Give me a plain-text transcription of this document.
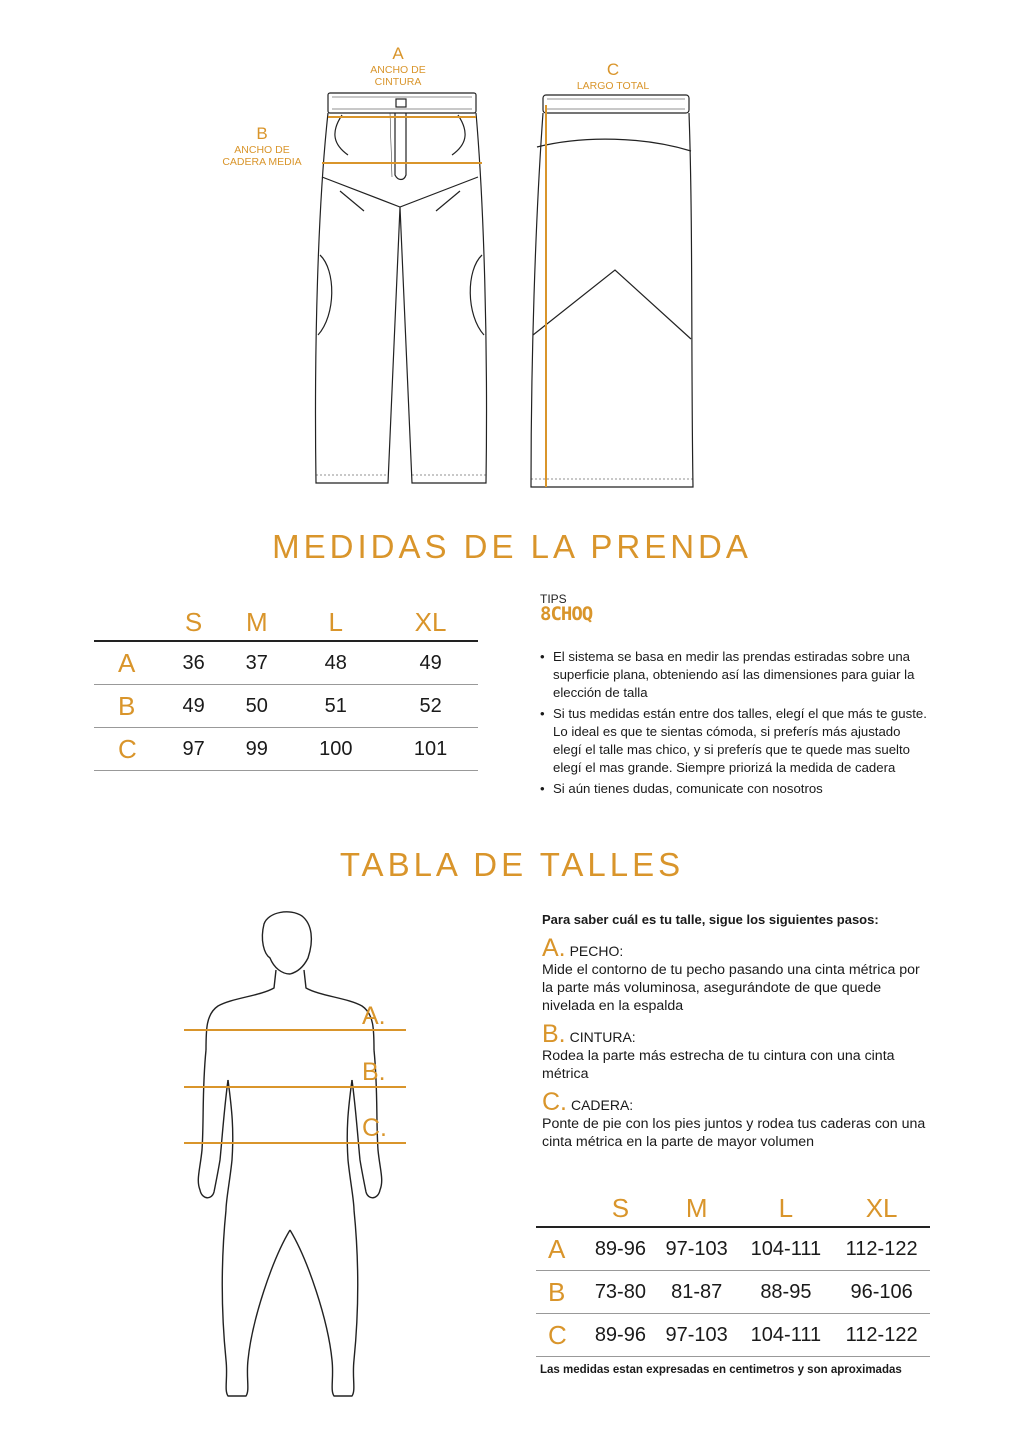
A
ANCHO DE
CINTURA
B
ANCHO DE
CADERA MEDIA
C
LARGO TOTAL
MEDIDAS DE LA PRENDA
	S	M	L	XL
A	36	37	48	49
B	49	50	51	52
C	97	99	100	101
TIPS
8CHOQ
• El sistema se basa en medir las prendas estiradas sobre una superficie plana, obteniendo así las dimensiones para guiar la elección de talla
• Si tus medidas están entre dos talles, elegí el que más te guste. Lo ideal es que te sientas cómoda, si preferís más ajustado elegí el talle mas chico, y si preferís que te quede mas suelto elegí el mas grande. Siempre priorizá la medida de cadera
• Si aún tienes dudas, comunicate con nosotros
TABLA DE TALLES
A.
B.
C.
Para saber cuál es tu talle, sigue los siguientes pasos:
A. PECHO:
Mide el contorno de tu pecho pasando una cinta métrica por la parte más voluminosa, asegurándote de que quede nivelada en la espalda
B. CINTURA:
Rodea la parte más estrecha de tu cintura con una cinta métrica
C. CADERA:
Ponte de pie con los pies juntos y rodea tus caderas con una cinta métrica en la parte de mayor volumen
	S	M	L	XL
A	89-96	97-103	104-111	112-122
B	73-80	81-87	88-95	96-106
C	89-96	97-103	104-111	112-122
Las medidas estan expresadas en centimetros y son aproximadas
